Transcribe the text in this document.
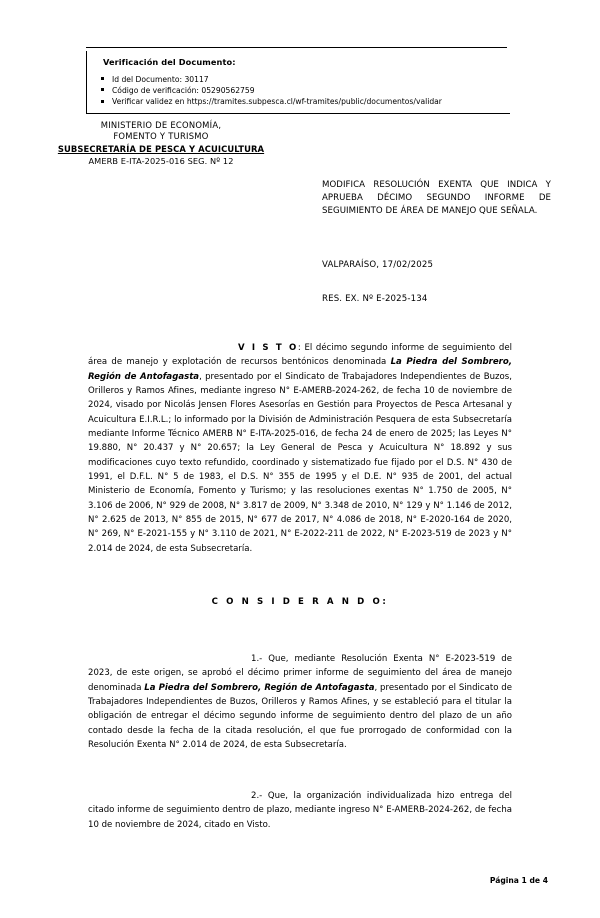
Verificación del Documento:
Id del Documento: 30117
Código de verificación: 05290562759
Verificar validez en https://tramites.subpesca.cl/wf-tramites/public/documentos/validar
MINISTERIO DE ECONOMÍA,
FOMENTO Y TURISMO
SUBSECRETARÍA DE PESCA Y ACUICULTURA
AMERB E-ITA-2025-016 SEG. Nº 12
MODIFICA RESOLUCIÓN EXENTA QUE INDICA Y APRUEBA DÉCIMO SEGUNDO INFORME DE SEGUIMIENTO DE ÁREA DE MANEJO QUE SEÑALA.
VALPARAÍSO, 17/02/2025
RES. EX. Nº E-2025-134

V I S T O: El décimo segundo informe de seguimiento del área de manejo y explotación de recursos bentónicos denominada La Piedra del Sombrero, Región de Antofagasta, presentado por el Sindicato de Trabajadores Independientes de Buzos, Orilleros y Ramos Afines, mediante ingreso N° E-AMERB-2024-262, de fecha 10 de noviembre de 2024, visado por Nicolás Jensen Flores Asesorías en Gestión para Proyectos de Pesca Artesanal y Acuicultura E.I.R.L.; lo informado por la División de Administración Pesquera de esta Subsecretaría mediante Informe Técnico AMERB N° E-ITA-2025-016, de fecha 24 de enero de 2025; las Leyes N° 19.880, N° 20.437 y N° 20.657; la Ley General de Pesca y Acuicultura N° 18.892 y sus modificaciones cuyo texto refundido, coordinado y sistematizado fue fijado por el D.S. N° 430 de 1991, el D.F.L. N° 5 de 1983, el D.S. N° 355 de 1995 y el D.E. N° 935 de 2001, del actual Ministerio de Economía, Fomento y Turismo; y las resoluciones exentas N° 1.750 de 2005, N° 3.106 de 2006, N° 929 de 2008, N° 3.817 de 2009, N° 3.348 de 2010, N° 129 y N° 1.146 de 2012, N° 2.625 de 2013, N° 855 de 2015, N° 677 de 2017, N° 4.086 de 2018, N° E-2020-164 de 2020, N° 269, N° E-2021-155 y N° 3.110 de 2021, N° E-2022-211 de 2022, N° E-2023-519 de 2023 y N° 2.014 de 2024, de esta Subsecretaría.

C O N S I D E R A N D O:

1.- Que, mediante Resolución Exenta N° E-2023-519 de 2023, de este origen, se aprobó el décimo primer informe de seguimiento del área de manejo denominada La Piedra del Sombrero, Región de Antofagasta, presentado por el Sindicato de Trabajadores Independientes de Buzos, Orilleros y Ramos Afines, y se estableció para el titular la obligación de entregar el décimo segundo informe de seguimiento dentro del plazo de un año contado desde la fecha de la citada resolución, el que fue prorrogado de conformidad con la Resolución Exenta N° 2.014 de 2024, de esta Subsecretaría.

2.- Que, la organización individualizada hizo entrega del citado informe de seguimiento dentro de plazo, mediante ingreso N° E-AMERB-2024-262, de fecha 10 de noviembre de 2024, citado en Visto.

Página 1 de 4
